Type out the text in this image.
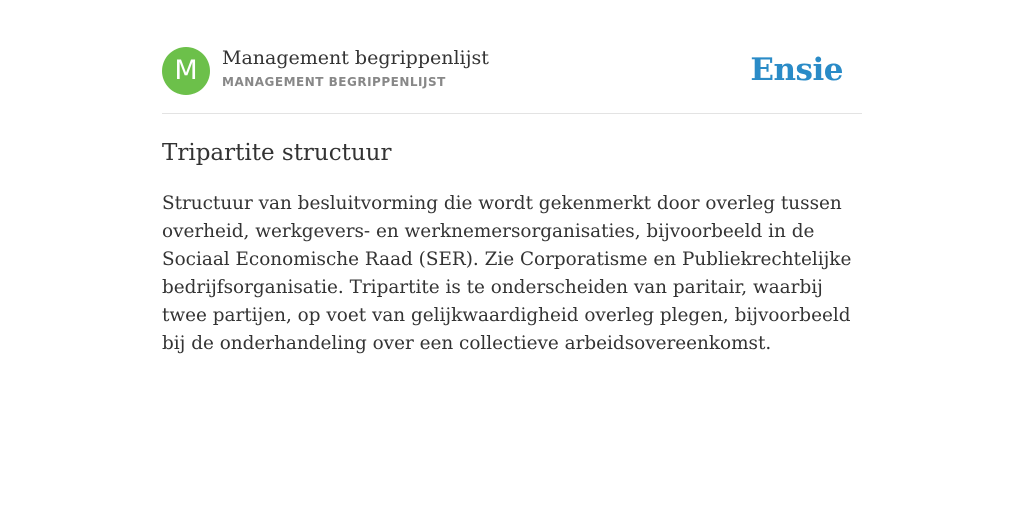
M	Management begrippenlijst
MANAGEMENT BEGRIPPENLIJST	Ensie
Tripartite structuur

Structuur van besluitvorming die wordt gekenmerkt door overleg tussen overheid, werkgevers- en werknemersorganisaties, bijvoorbeeld in de Sociaal Economische Raad (SER). Zie Corporatisme en Publiekrechtelijke bedrijfsorganisatie. Tripartite is te onderscheiden van paritair, waarbij twee partijen, op voet van gelijkwaardigheid overleg plegen, bijvoorbeeld bij de onderhandeling over een collectieve arbeidsovereenkomst.
